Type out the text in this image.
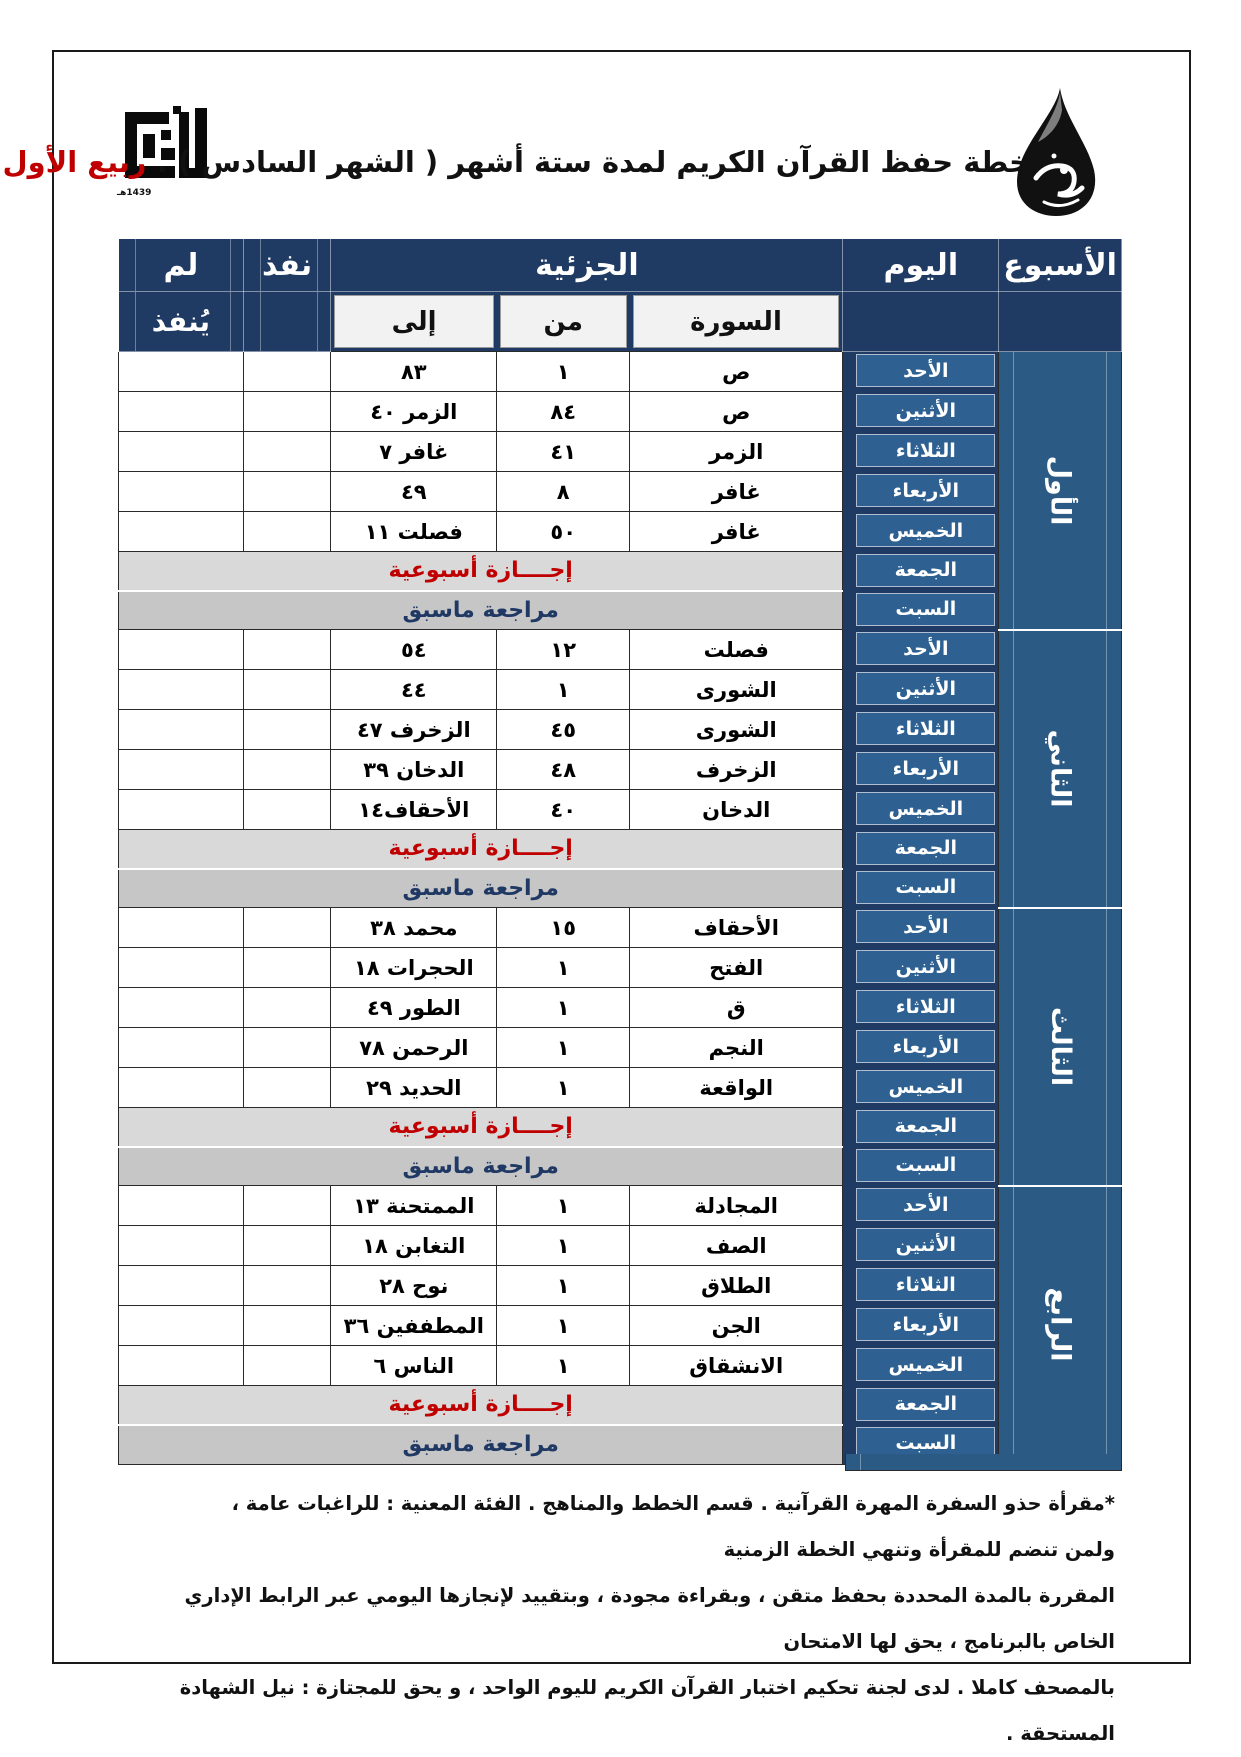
1439هـ
خطة حفظ القرآن الكريم لمدة ستة أشهر ( الشهر السادس ) . ربيع الأول
الأسبوع	اليوم	الجزئية			نفذ	لم

السورة	من	إلى		يُنفذ
الأول	الأحد	ص	١	٨٣		

الأثنين	ص	٨٤	الزمر ٤٠		

الثلاثاء	الزمر	٤١	غافر ٧		

الأربعاء	غافر	٨	٤٩		

الخميس	غافر	٥٠	فصلت ١١		

الجمعة	إجــــازة أسبوعية				

السبت	مراجعة ماسبق				
الثاني	الأحد	فصلت	١٢	٥٤		

الأثنين	الشورى	١	٤٤		

الثلاثاء	الشورى	٤٥	الزخرف ٤٧		

الأربعاء	الزخرف	٤٨	الدخان ٣٩		

الخميس	الدخان	٤٠	الأحقاف١٤		

الجمعة	إجــــازة أسبوعية				

السبت	مراجعة ماسبق				
الثالث	الأحد	الأحقاف	١٥	محمد ٣٨		

الأثنين	الفتح	١	الحجرات ١٨		

الثلاثاء	ق	١	الطور ٤٩		

الأربعاء	النجم	١	الرحمن ٧٨		

الخميس	الواقعة	١	الحديد ٢٩		

الجمعة	إجــــازة أسبوعية				

السبت	مراجعة ماسبق				
الرابع	الأحد	المجادلة	١	الممتحنة ١٣		

الأثنين	الصف	١	التغابن ١٨		

الثلاثاء	الطلاق	١	نوح ٢٨		

الأربعاء	الجن	١	المطففين ٣٦		

الخميس	الانشقاق	١	الناس ٦		

الجمعة	إجــــازة أسبوعية				

السبت	مراجعة ماسبق				
*مقرأة حذو السفرة المهرة القرآنية . قسم الخطط والمناهج . الفئة المعنية : للراغبات عامة ، ولمن تنضم للمقرأة وتنهي الخطة الزمنية
المقررة بالمدة المحددة بحفظ متقن ، وبقراءة مجودة ، وبتقييد لإنجازها اليومي عبر الرابط الإداري الخاص بالبرنامج ، يحق لها الامتحان
بالمصحف كاملا . لدى لجنة تحكيم اختبار القرآن الكريم لليوم الواحد ، و يحق للمجتازة : نيل الشهادة المستحقة .
